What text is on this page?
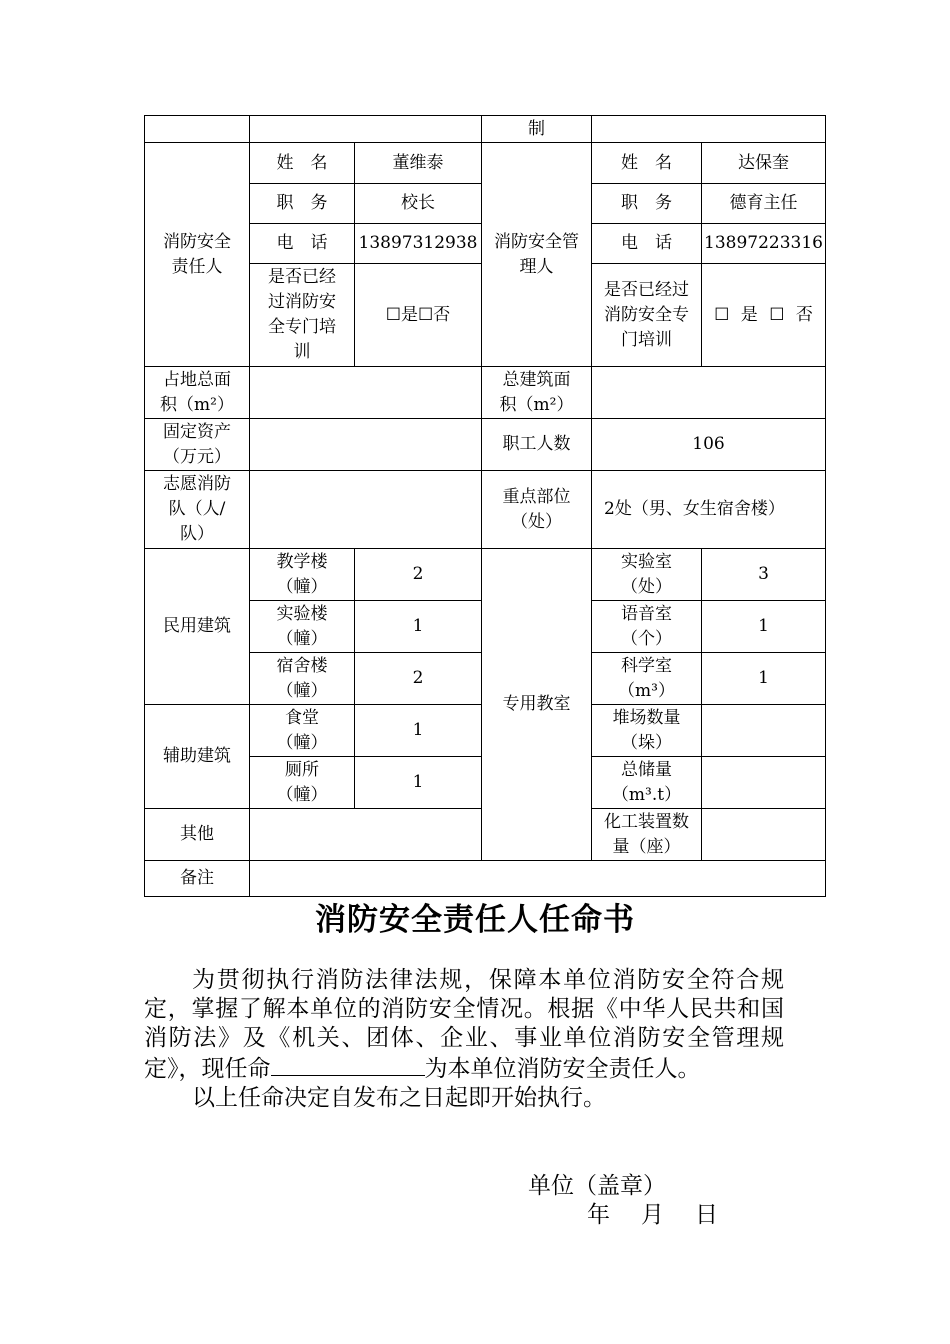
			制		
消防安全责任人	姓　名	董维泰	消防安全管理人	姓　名	达保奎
	职　务	校长		职　务	德育主任
	电　话	13897312938		电　话	13897223316
	是否已经过消防安全专门培训	☐是☐否		是否已经过消防安全专门培训	☐ 是 ☐ 否
占地总面积（m²）			总建筑面积（m²）		
固定资产（万元）			职工人数	106	
志愿消防队（人/队）			重点部位（处）	2处（男、女生宿舍楼）	
民用建筑	教学楼（幢）	2	专用教室	实验室（处）	3
	实验楼（幢）	1		语音室（个）	1
	宿舍楼（幢）	2		科学室（m³）	1
辅助建筑	食堂（幢）	1		堆场数量（垛）	
	厕所（幢）	1		总储量（m³.t）	
其他				化工装置数量（座）	
备注					
消防安全责任人任命书

为贯彻执行消防法律法规，保障本单位消防安全符合规定，掌握了解本单位的消防安全情况。根据《中华人民共和国消防法》及《机关、团体、企业、事业单位消防安全管理规定》，现任命	为本单位消防安全责任人。

以上任命决定自发布之日起即开始执行。

单位（盖章）
年　月　日
